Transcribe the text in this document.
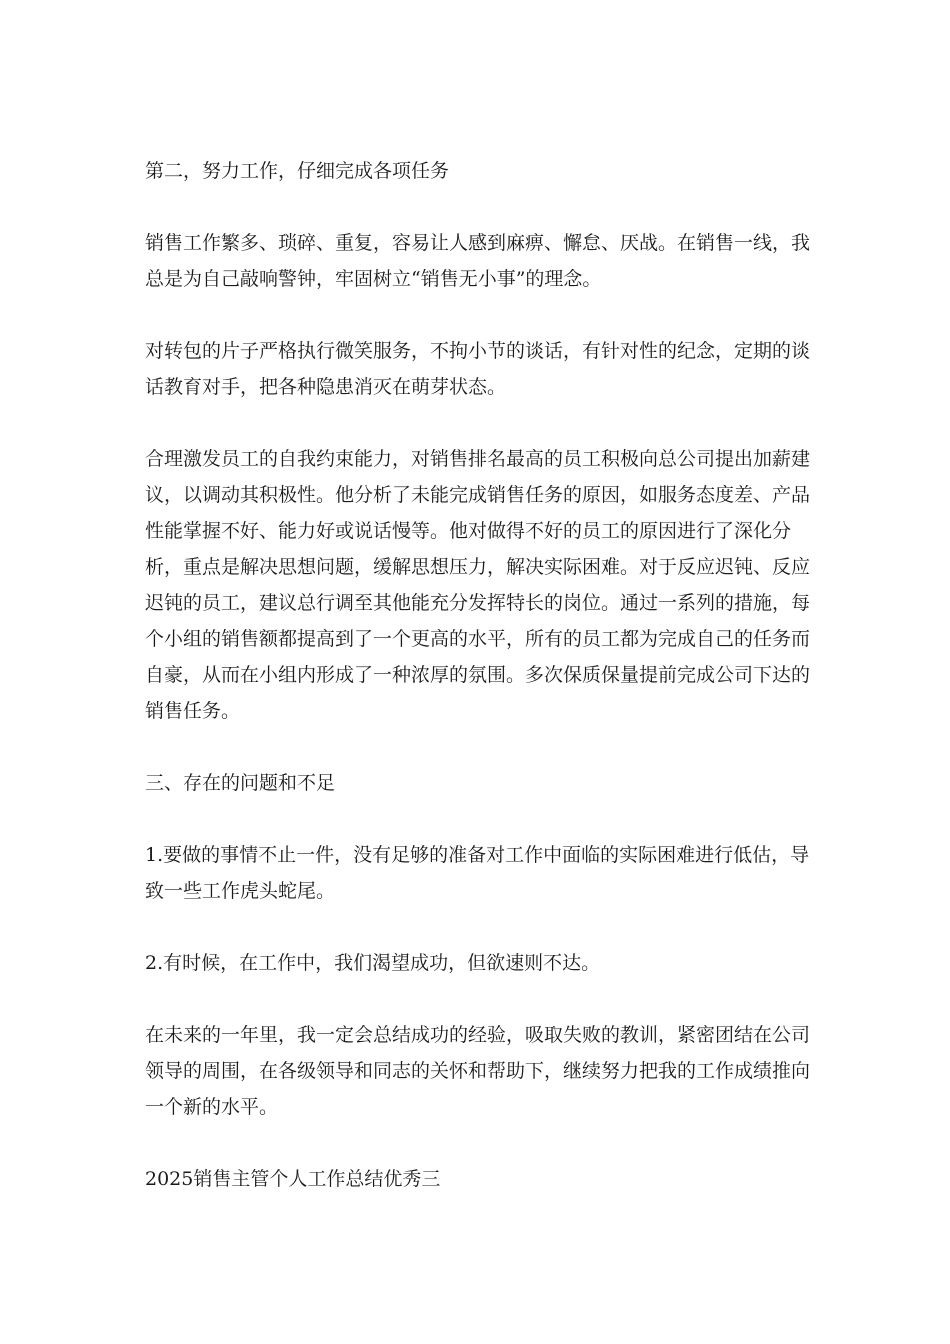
第二，努力工作，仔细完成各项任务

销售工作繁多、琐碎、重复，容易让人感到麻痹、懈怠、厌战。在销售一线，我总是为自己敲响警钟，牢固树立“销售无小事”的理念。

对转包的片子严格执行微笑服务，不拘小节的谈话，有针对性的纪念，定期的谈话教育对手，把各种隐患消灭在萌芽状态。

合理激发员工的自我约束能力，对销售排名最高的员工积极向总公司提出加薪建议，以调动其积极性。他分析了未能完成销售任务的原因，如服务态度差、产品性能掌握不好、能力好或说话慢等。他对做得不好的员工的原因进行了深化分析，重点是解决思想问题，缓解思想压力，解决实际困难。对于反应迟钝、反应迟钝的员工，建议总行调至其他能充分发挥特长的岗位。通过一系列的措施，每个小组的销售额都提高到了一个更高的水平，所有的员工都为完成自己的任务而自豪，从而在小组内形成了一种浓厚的氛围。多次保质保量提前完成公司下达的销售任务。

三、存在的问题和不足

1.要做的事情不止一件，没有足够的准备对工作中面临的实际困难进行低估，导致一些工作虎头蛇尾。

2.有时候，在工作中，我们渴望成功，但欲速则不达。

在未来的一年里，我一定会总结成功的经验，吸取失败的教训，紧密团结在公司领导的周围，在各级领导和同志的关怀和帮助下，继续努力把我的工作成绩推向一个新的水平。

2025销售主管个人工作总结优秀三
